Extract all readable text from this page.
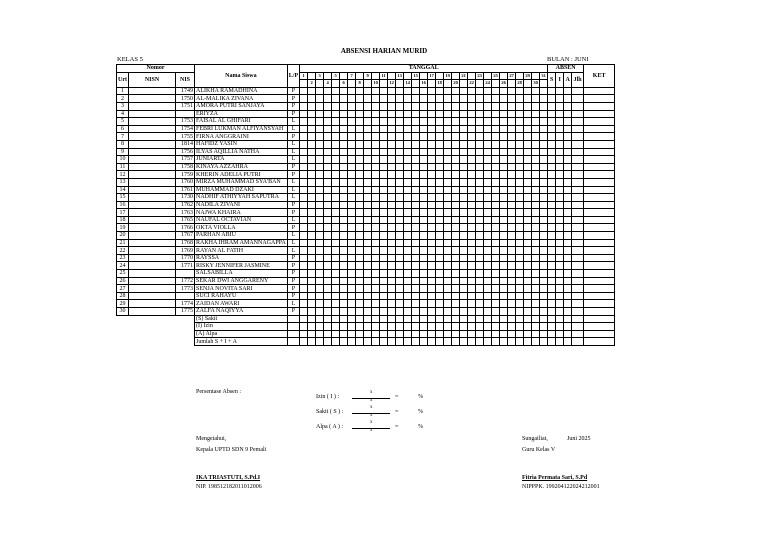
ABSENSI HARIAN MURID
KELAS 5	BULAN : JUNI
Nomor			Nama Siswa	L/P	TANGGAL																															ABSEN				KET
Urt	NISN	NIS			1		3		5		7		9		11		13		15		17		19		21		23		25		27		29		31	S	I	A	Jlh	
						2		4		6		8		10		12		14		16		18		20		22		24		26		28		30						
1		1749	ALIKHA RAMADHINA	P																																				
2		1750	AL-MALIKA ZIVANA	P																																				
3		1751	AMORA PUTRI SANJAYA	P																																				
4			ERIYZA	P																																				
5		1753	FAISAL AL GHIFARI	L																																				
6		1754	FEBRI LUKMAN ALFIYANSYAH	L																																				
7		1755	FIRNA ANGGRAINI	P																																				
8		1814	HAFIDZ YASIN	L																																				
9		1756	ILYAS AQILLIA NATHA	L																																				
10		1757	JUNIARTA	L																																				
11		1758	KINAYA AZZAHRA	P																																				
12		1759	KHERIN ADELIA PUTRI	P																																				
13		1760	MIRZA MUHAMMAD SYA'BAN	L																																				
14		1761	MUHAMMAD DZAKI	L																																				
15		1730	NADHIF ATHIYYAH SAPUTRA	L																																				
16		1762	NADILA ZIVANI	P																																				
17		1763	NAJWA KHAIRA	P																																				
18		1765	NAUFAL OCTAVIAN	L																																				
19		1766	OKTA VIOLLA	P																																				
20		1767	PARHAN ABIU	L																																				
21		1768	RAKHA IHRAM AMANNAGAPPA	L																																				
22		1769	RAYAN AL FATIH	L																																				
23		1770	RAYSSA	P																																				
24		1771	RISKY JENNIFER JASMINE	P																																				
25			SALSABILLA	P																																				
26		1772	SEKAR DWI ANGGARENY	P																																				
27		1773	SENJA NOVITA SARI	P																																				
28			SUCI RAHAYU	P																																				
29		1774	ZAIDAN AWARI	L																																				
30		1775	ZALFA NAQIYYA	P																																				
			(S) Sakit																																					
			(I) Izin																																					
			(A) Alpa																																					
			Jumlah S + I + A																																					
Persentase Absen :
Izin ( I ) :
x
x
=	%
Sakit ( S ) :
x
x
=	%
Alpa ( A ) :
x
x
=	%
Mengetahui,
Kepala UPTD SDN 9 Pemali
IKA TRIASTUTI, S.Pd.I
NIP. 198512182011012006
Sungailiat,	Juni 2025
Guru Kelas V
Fitria Permata Sari, S.Pd
NIPPPK. 199204122024212001
